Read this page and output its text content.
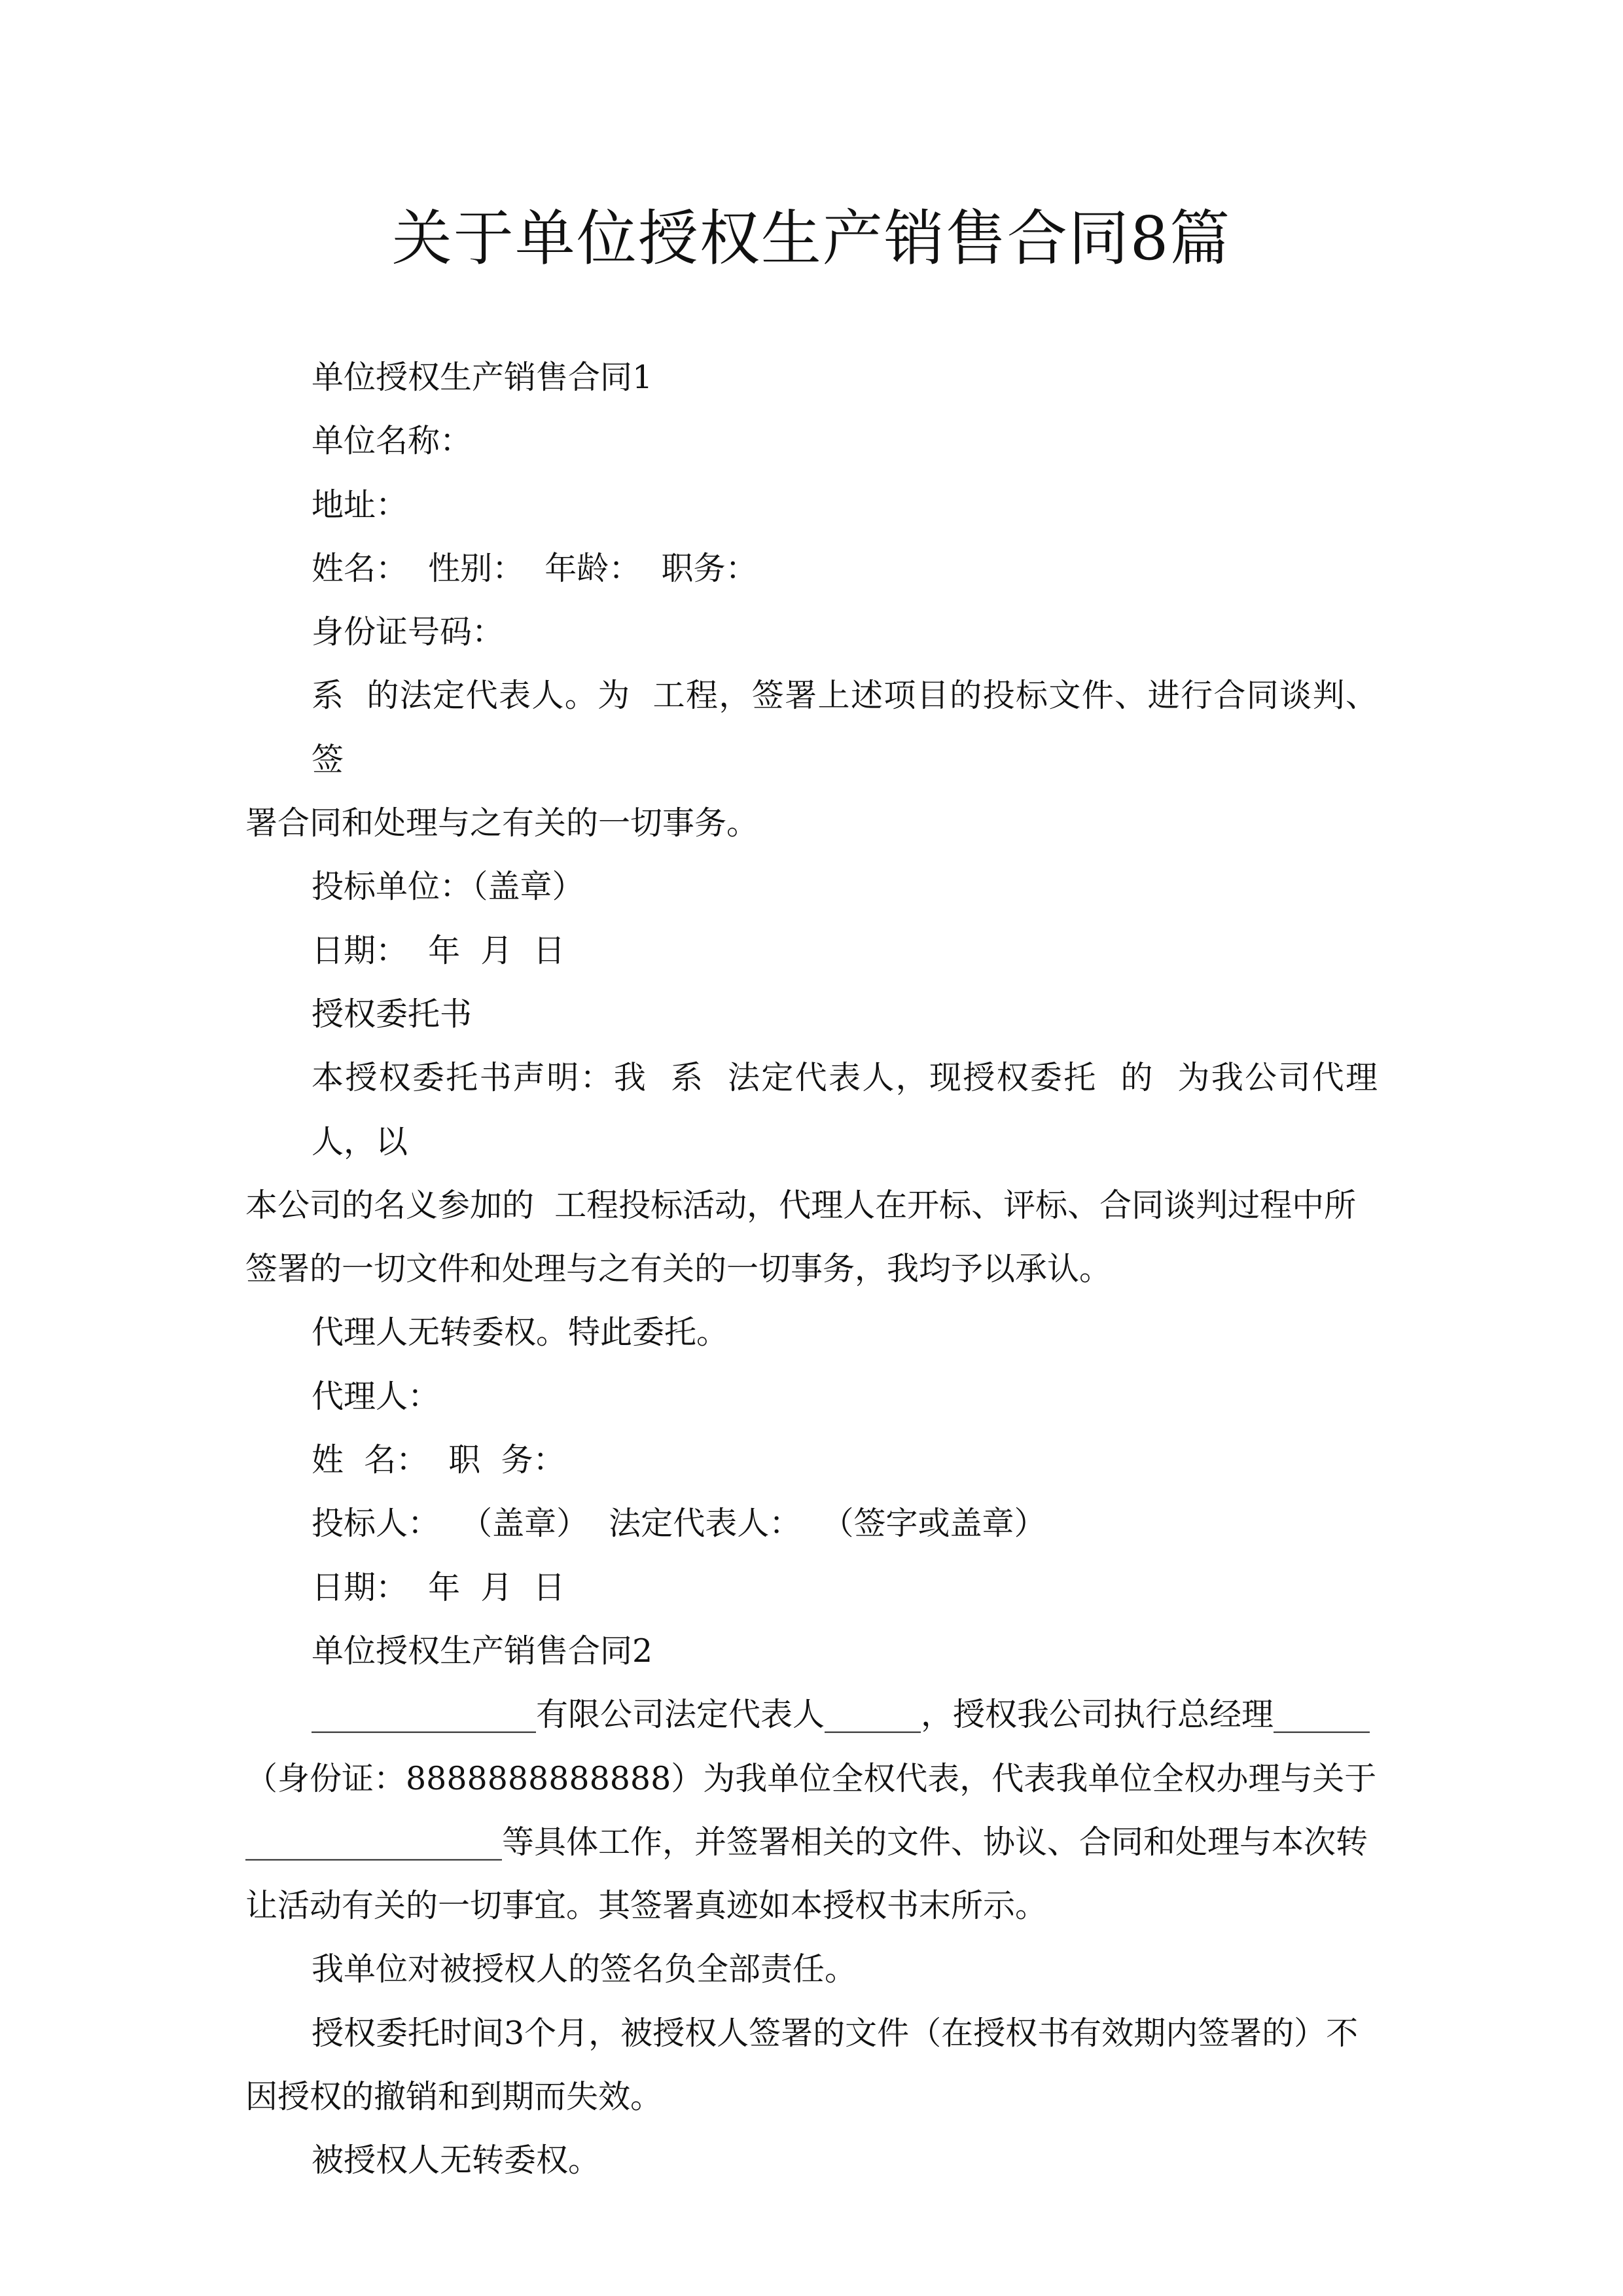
关于单位授权生产销售合同8篇
单位授权生产销售合同1
单位名称：
地址：
姓名：  性别：  年龄：  职务：
身份证号码：
系  的法定代表人。为  工程，签署上述项目的投标文件、进行合同谈判、签
署合同和处理与之有关的一切事务。
投标单位：（盖章）
日期：  年  月  日
授权委托书
本授权委托书声明：我  系  法定代表人，现授权委托  的  为我公司代理人，以
本公司的名义参加的  工程投标活动，代理人在开标、评标、合同谈判过程中所
签署的一切文件和处理与之有关的一切事务，我均予以承认。
代理人无转委权。特此委托。
代理人：
姓  名：  职  务：
投标人：  （盖章）  法定代表人：  （签字或盖章）
日期：  年  月  日
单位授权生产销售合同2
______________有限公司法定代表人______，授权我公司执行总经理______
（身份证：8888888888888）为我单位全权代表，代表我单位全权办理与关于
________________等具体工作，并签署相关的文件、协议、合同和处理与本次转
让活动有关的一切事宜。其签署真迹如本授权书末所示。
我单位对被授权人的签名负全部责任。
授权委托时间3个月，被授权人签署的文件（在授权书有效期内签署的）不
因授权的撤销和到期而失效。
被授权人无转委权。
